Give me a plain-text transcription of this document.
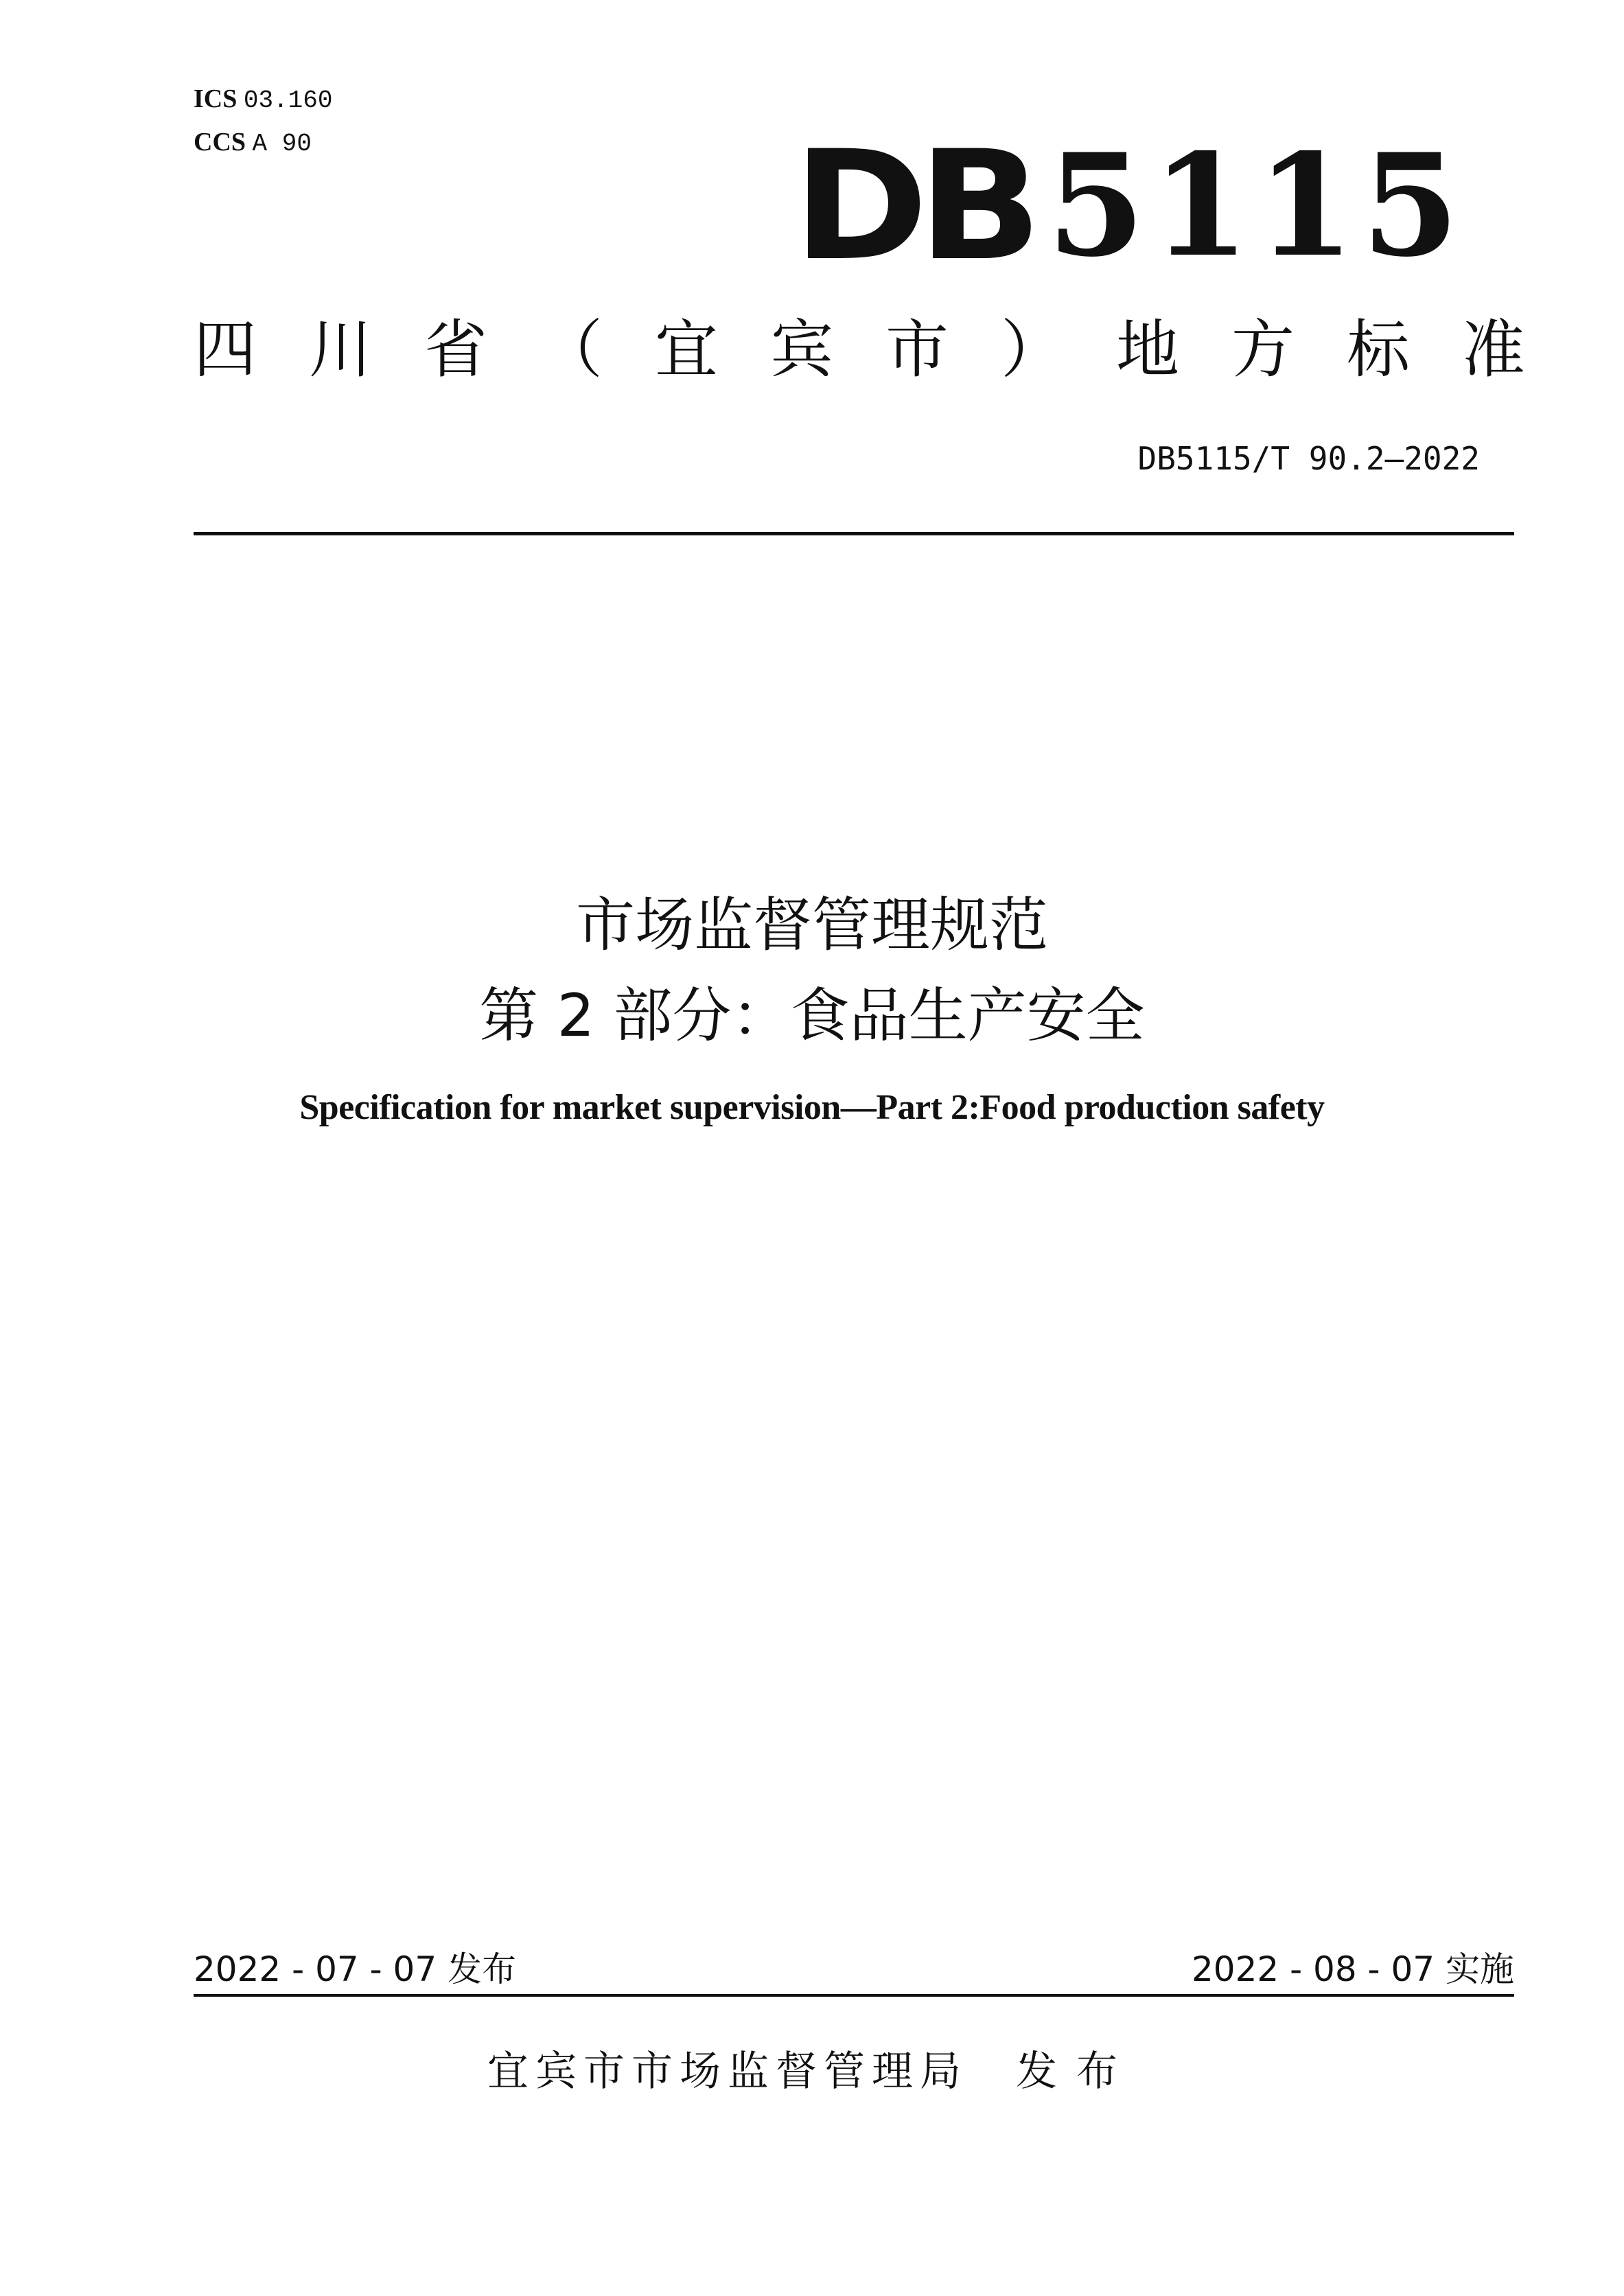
ICS 03.160
CCS A 90	DB 5115
四川省（宜宾市）地方标准
DB5115/T 90.2—2022
市场监督管理规范
第 2 部分：食品生产安全
Specification for market supervision—Part 2:Food production safety
2022 - 07 - 07 发布	2022 - 08 - 07 实施
宜宾市市场监督管理局 发布
